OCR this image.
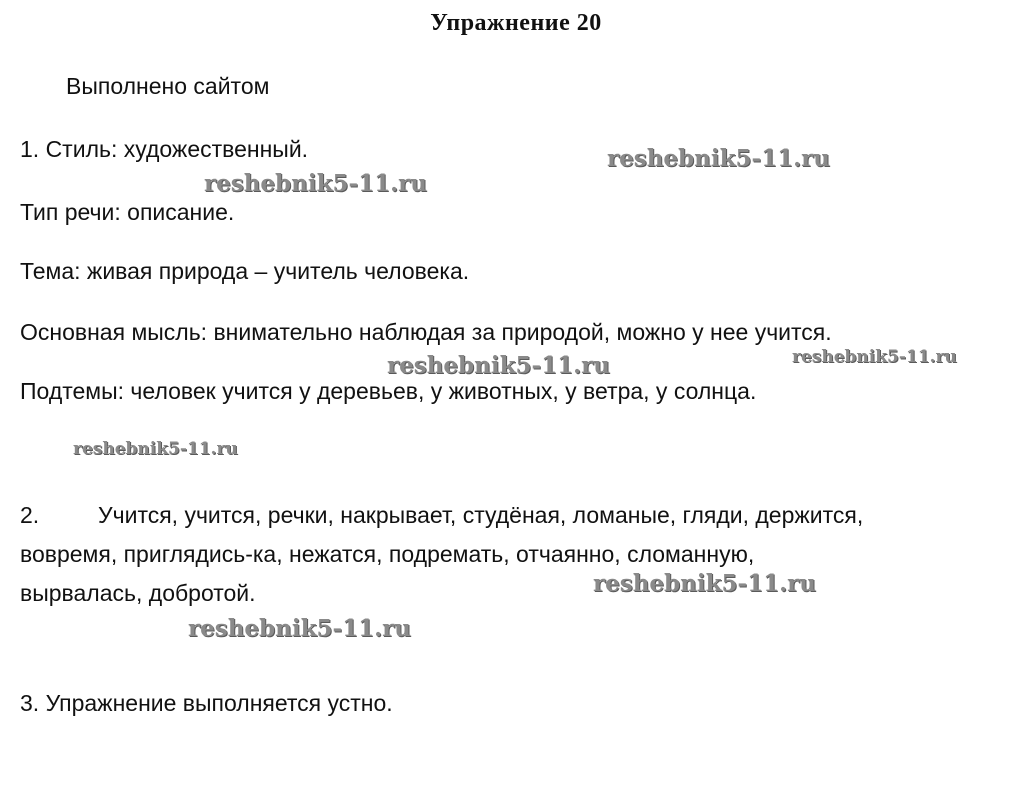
Упражнение 20
Выполнено сайтом
1. Стиль: художественный.
Тип речи: описание.
Тема: живая природа – учитель человека.
Основная мысль: внимательно наблюдая за природой, можно у нее учится.
Подтемы: человек учится у деревьев, у животных, у ветра, у солнца.
2.	Учится, учится, речки, накрывает, студёная, ломаные, гляди, держится,
вовремя, приглядись-ка, нежатся, подремать, отчаянно, сломанную,
вырвалась, добротой.
3. Упражнение выполняется устно.
reshebnik5-11.ru
reshebnik5-11.ru
reshebnik5-11.ru	reshebnik5-11.ru
reshebnik5-11.ru
reshebnik5-11.ru
reshebnik5-11.ru
